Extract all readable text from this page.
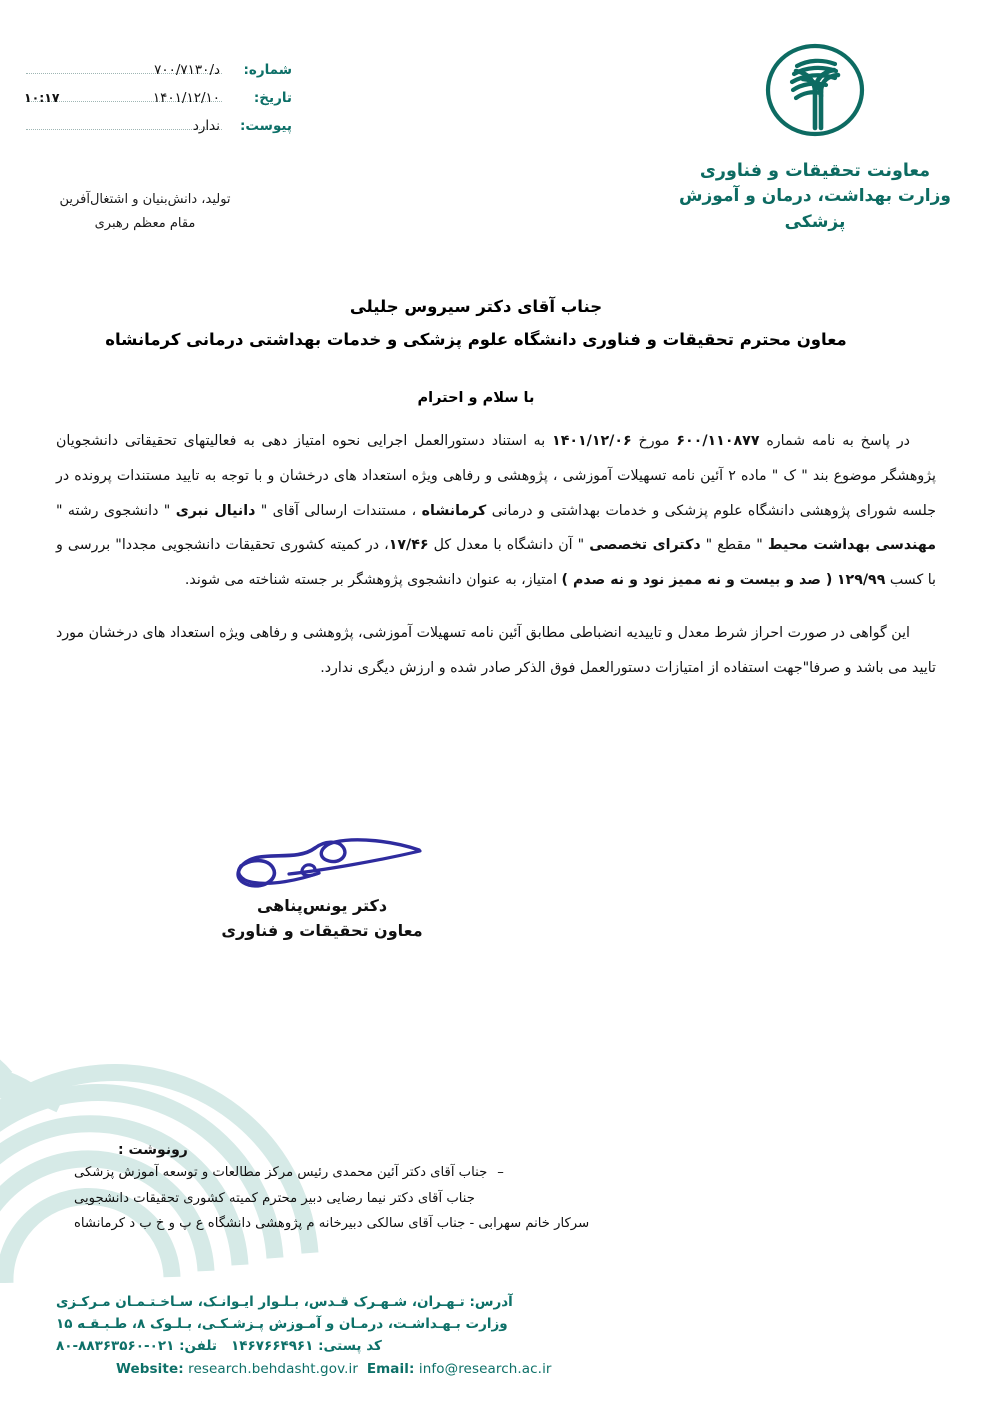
شماره:
د/۷۰۰/۷۱۳۰
تاریخ:
۱۴۰۱/۱۲/۱۰
۱۰:۱۷
پیوست:
ندارد
تولید، دانش‌بنیان و اشتغال‌آفرین
مقام معظم رهبری
معاونت تحقیقات و فناوری
وزارت بهداشت، درمان و آموزش پزشکی
جناب آقای دکتر سیروس جلیلی
معاون محترم تحقیقات و فناوری دانشگاه علوم پزشکی و خدمات بهداشتی درمانی کرمانشاه
با سلام و احترام

در پاسخ به نامه شماره ۶۰۰/۱۱۰۸۷۷ مورخ ۱۴۰۱/۱۲/۰۶ به استناد دستورالعمل اجرایی نحوه امتیاز دهی به فعالیتهای تحقیقاتی دانشجویان پژوهشگر موضوع بند " ک " ماده ۲ آئین نامه تسهیلات آموزشی ، پژوهشی و رفاهی ویژه استعداد های درخشان و با توجه به تایید مستندات پرونده در جلسه شورای پژوهشی دانشگاه علوم پزشکی و خدمات بهداشتی و درمانی کرمانشاه ، مستندات ارسالی آقای " دانیال نبری " دانشجوی رشته " مهندسی بهداشت محیط " مقطع " دکترای تخصصی " آن دانشگاه با معدل کل ۱۷/۴۶، در کمیته کشوری تحقیقات دانشجویی مجددا" بررسی و با کسب ۱۲۹/۹۹ ( صد و بیست و نه ممیز نود و نه صدم ) امتیاز، به عنوان دانشجوی پژوهشگر بر جسته شناخته می شوند.

این گواهی در صورت احراز شرط معدل و تاییدیه انضباطی مطابق آئین نامه تسهیلات آموزشی، پژوهشی و رفاهی ویژه استعداد های درخشان مورد تایید می باشد و صرفا"جهت استفاده از امتیازات دستورالعمل فوق الذکر صادر شده و ارزش دیگری ندارد.

دکتر یونس‌پناهی
معاون تحقیقات و فناوری
رونوشت :
–جناب آقای دکتر آئین محمدی رئیس مرکز مطالعات و توسعه آموزش پزشکی
جناب آقای دکتر نیما رضایی دبیر محترم کمیته کشوری تحقیقات دانشجویی
سرکار خانم سهرابی - جناب آقای سالکی دبیرخانه م پژوهشی دانشگاه ع پ و خ ب د کرمانشاه
آدرس: تـهـران، شـهـرک قـدس، بـلـوار ایـوانـک، سـاخـتـمـان مـرکـزی
وزارت بـهـداشـت، درمـان و آمـوزش پـزشـکـی، بـلـوک ۸، طـبـقـه ۱۵
کد پستی: ۱۴۶۷۶۶۴۹۶۱   تلفن: ۰۲۱-۸۸۳۶۳۵۶۰-۸۰
Website: research.behdasht.gov.ir Email: info@research.ac.ir
